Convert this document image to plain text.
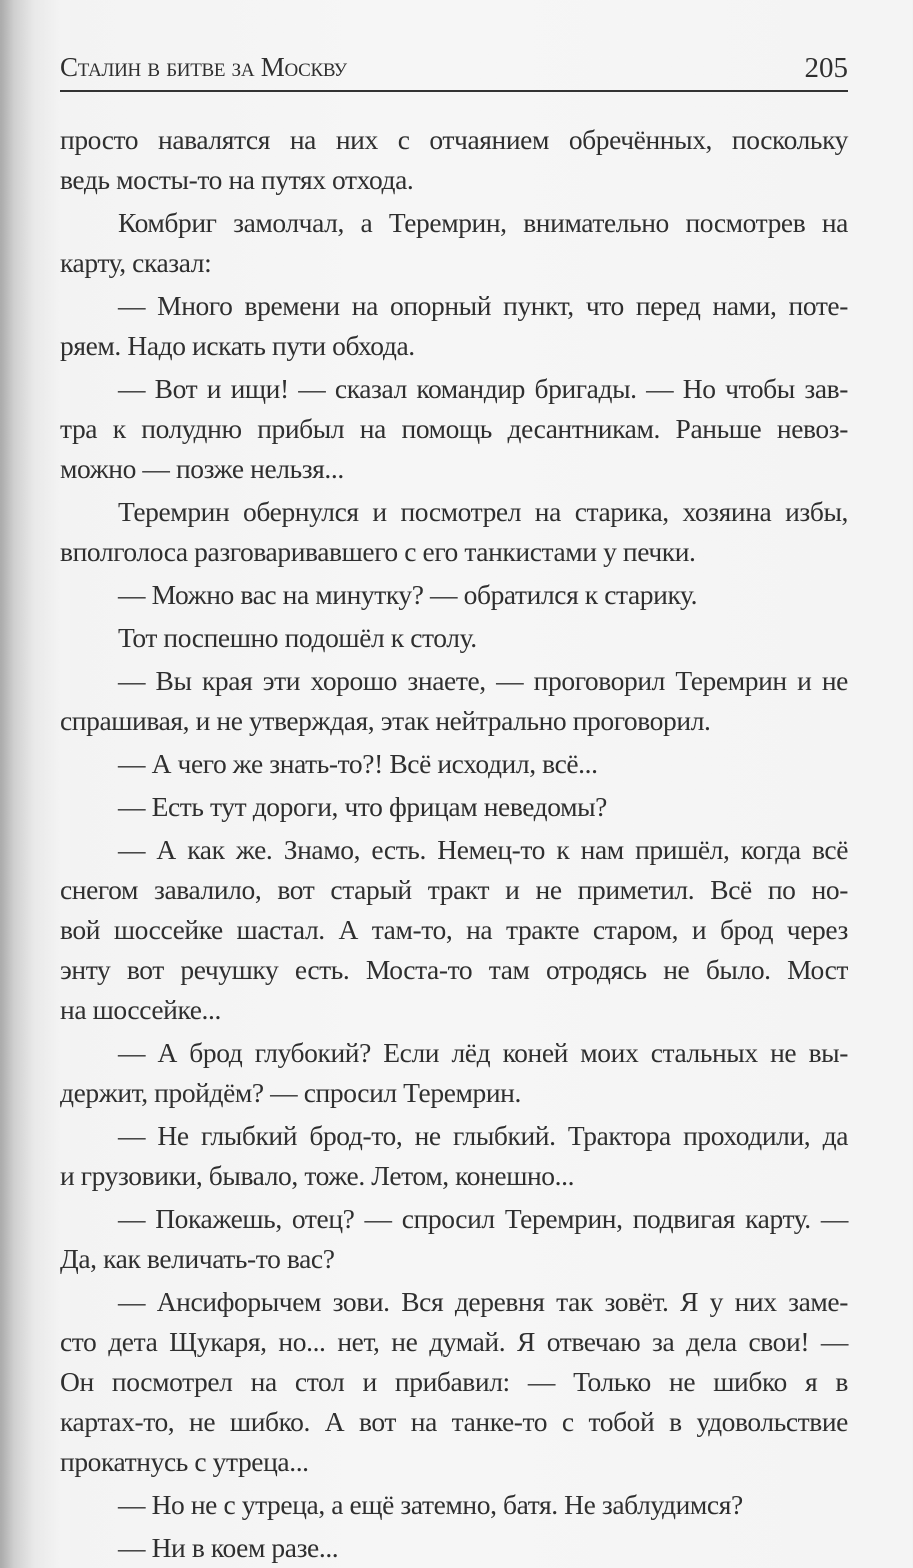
Сталин в битве за Москву	205
просто навалятся на них с отчаянием обречённых, поскольку
ведь мосты-то на путях отхода.
Комбриг замолчал, а Теремрин, внимательно посмотрев на
карту, сказал:
— Много времени на опорный пункт, что перед нами, поте-
ряем. Надо искать пути обхода.
— Вот и ищи! — сказал командир бригады. — Но чтобы зав-
тра к полудню прибыл на помощь десантникам. Раньше невоз-
можно — позже нельзя...
Теремрин обернулся и посмотрел на старика, хозяина избы,
вполголоса разговаривавшего с его танкистами у печки.
— Можно вас на минутку? — обратился к старику.
Тот поспешно подошёл к столу.
— Вы края эти хорошо знаете, — проговорил Теремрин и не
спрашивая, и не утверждая, этак нейтрально проговорил.
— А чего же знать-то?! Всё исходил, всё...
— Есть тут дороги, что фрицам неведомы?
— А как же. Знамо, есть. Немец-то к нам пришёл, когда всё
снегом завалило, вот старый тракт и не приметил. Всё по но-
вой шоссейке шастал. А там-то, на тракте старом, и брод через
энту вот речушку есть. Моста-то там отродясь не было. Мост
на шоссейке...
— А брод глубокий? Если лёд коней моих стальных не вы-
держит, пройдём? — спросил Теремрин.
— Не глыбкий брод-то, не глыбкий. Трактора проходили, да
и грузовики, бывало, тоже. Летом, конешно...
— Покажешь, отец? — спросил Теремрин, подвигая карту. —
Да, как величать-то вас?
— Ансифорычем зови. Вся деревня так зовёт. Я у них заме-
сто дета Щукаря, но... нет, не думай. Я отвечаю за дела свои! —
Он посмотрел на стол и прибавил: — Только не шибко я в
картах-то, не шибко. А вот на танке-то с тобой в удовольствие
прокатнусь с утреца...
— Но не с утреца, а ещё затемно, батя. Не заблудимся?
— Ни в коем разе...
